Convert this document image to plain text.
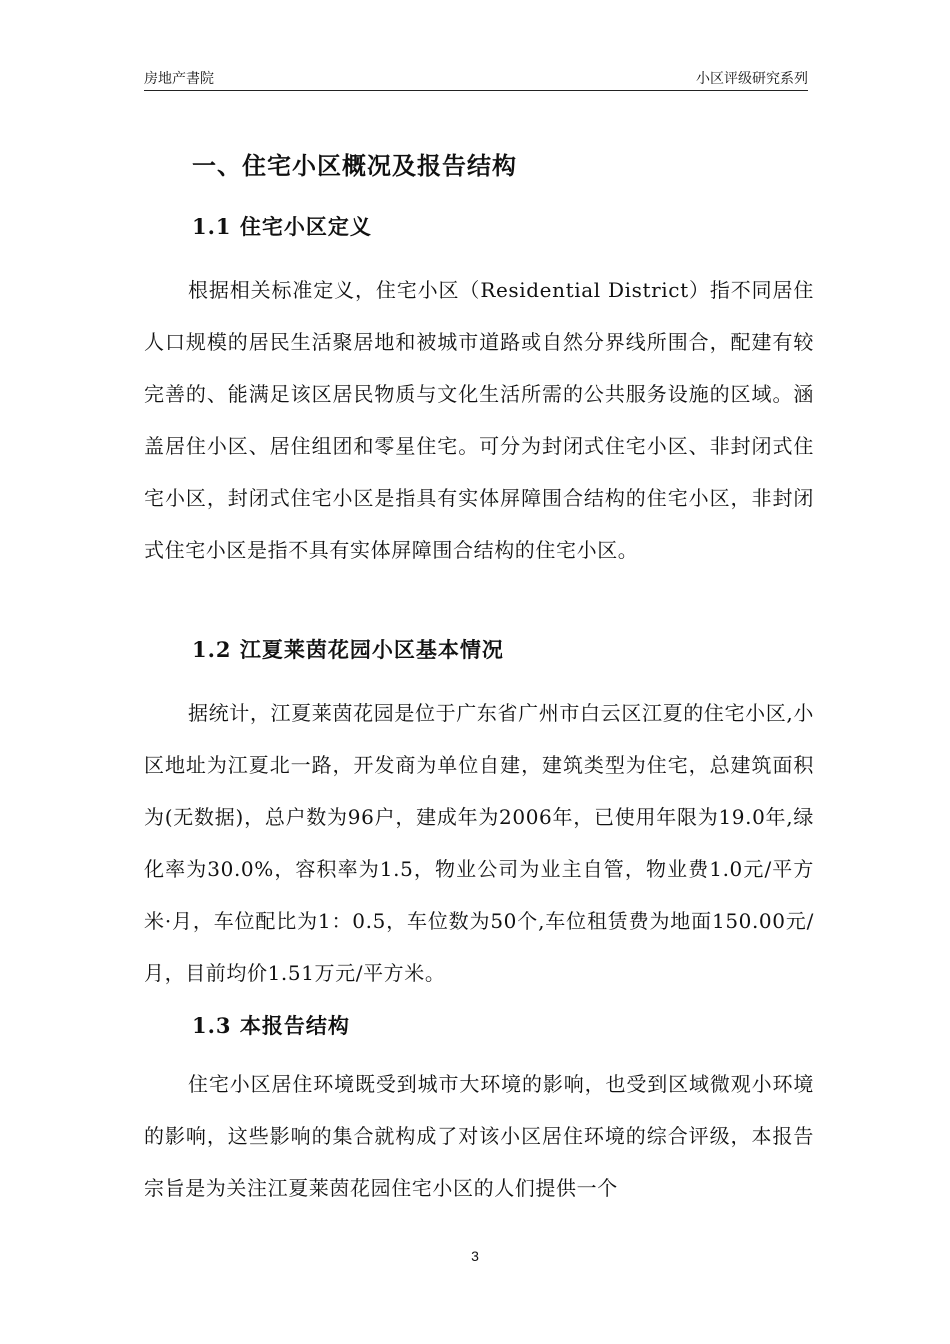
房地产書院	小区评级研究系列
一、住宅小区概况及报告结构
1.1 住宅小区定义

根据相关标准定义，住宅小区（Residential District）指不同居住人口规模的居民生活聚居地和被城市道路或自然分界线所围合，配建有较完善的、能满足该区居民物质与文化生活所需的公共服务设施的区域。涵盖居住小区、居住组团和零星住宅。可分为封闭式住宅小区、非封闭式住宅小区，封闭式住宅小区是指具有实体屏障围合结构的住宅小区，非封闭式住宅小区是指不具有实体屏障围合结构的住宅小区。

1.2 江夏莱茵花园小区基本情况

据统计，江夏莱茵花园是位于广东省广州市白云区江夏的住宅小区,小区地址为江夏北一路，开发商为单位自建，建筑类型为住宅，总建筑面积为(无数据)，总户数为96户，建成年为2006年，已使用年限为19.0年,绿化率为30.0%，容积率为1.5，物业公司为业主自管，物业费1.0元/平方米·月，车位配比为1：0.5，车位数为50个,车位租赁费为地面150.00元/月，目前均价1.51万元/平方米。

1.3 本报告结构

住宅小区居住环境既受到城市大环境的影响，也受到区域微观小环境的影响，这些影响的集合就构成了对该小区居住环境的综合评级，本报告宗旨是为关注江夏莱茵花园住宅小区的人们提供一个

3
